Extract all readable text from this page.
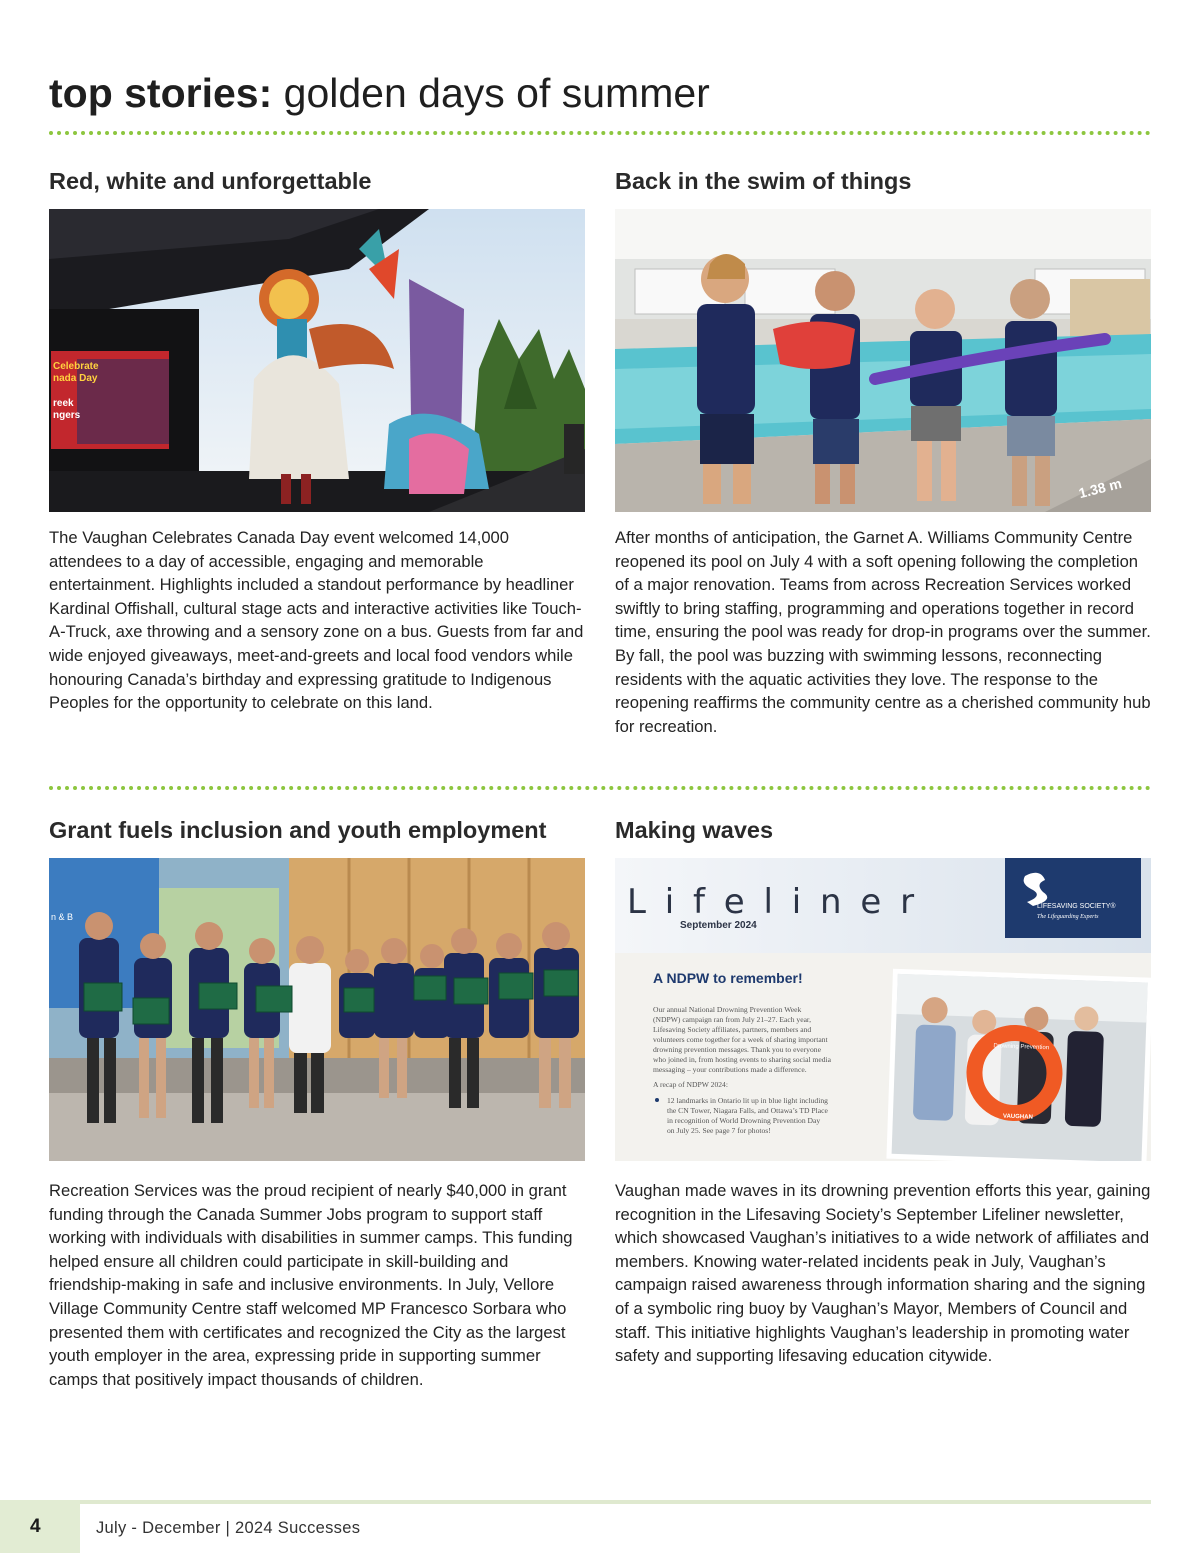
top stories: golden days of summer
Red, white and unforgettable
Celebrate
nada Day
reek
ngers

The Vaughan Celebrates Canada Day event welcomed 14,000 attendees to a day of accessible, engaging and memorable entertainment. Highlights included a standout performance by headliner Kardinal Offishall, cultural stage acts and interactive activities like Touch-A-Truck, axe throwing and a sensory zone on a bus. Guests from far and wide enjoyed giveaways, meet-and-greets and local food vendors while honouring Canada’s birthday and expressing gratitude to Indigenous Peoples for the opportunity to celebrate on this land.

Back in the swim of things
1.38 m

After months of anticipation, the Garnet A. Williams Community Centre reopened its pool on July 4 with a soft opening following the completion of a major renovation. Teams from across Recreation Services worked swiftly to bring staffing, programming and operations together in record time, ensuring the pool was ready for drop-in programs over the summer. By fall, the pool was buzzing with swimming lessons, reconnecting residents with the aquatic activities they love. The response to the reopening reaffirms the community centre as a cherished community hub for recreation.

Grant fuels inclusion and youth employment
n & B

Recreation Services was the proud recipient of nearly $40,000 in grant funding through the Canada Summer Jobs program to support staff working with individuals with disabilities in summer camps. This funding helped ensure all children could participate in skill-building and friendship-making in safe and inclusive environments. In July, Vellore Village Community Centre staff welcomed MP Francesco Sorbara who presented them with certificates and recognized the City as the largest youth employer in the area, expressing pride in supporting summer camps that positively impact thousands of children.

Making waves
L i f e l i n e r
September 2024
LIFESAVING SOCIETY®
The Lifeguarding Experts
A NDPW to remember!
Our annual National Drowning Prevention Week
(NDPW) campaign ran from July 21–27. Each year,
Lifesaving Society affiliates, partners, members and
volunteers come together for a week of sharing important
drowning prevention messages. Thank you to everyone
who joined in, from hosting events to sharing social media
messaging – your contributions made a difference.
A recap of NDPW 2024:
12 landmarks in Ontario lit up in blue light including
the CN Tower, Niagara Falls, and Ottawa’s TD Place
in recognition of World Drowning Prevention Day
on July 25. See page 7 for photos!
Drowning Prevention
VAUGHAN

Vaughan made waves in its drowning prevention efforts this year, gaining recognition in the Lifesaving Society’s September Lifeliner newsletter, which showcased Vaughan’s initiatives to a wide network of affiliates and members. Knowing water-related incidents peak in July, Vaughan’s campaign raised awareness through information sharing and the signing of a symbolic ring buoy by Vaughan’s Mayor, Members of Council and staff. This initiative highlights Vaughan’s leadership in promoting water safety and supporting lifesaving education citywide.

4	July - December | 2024 Successes
